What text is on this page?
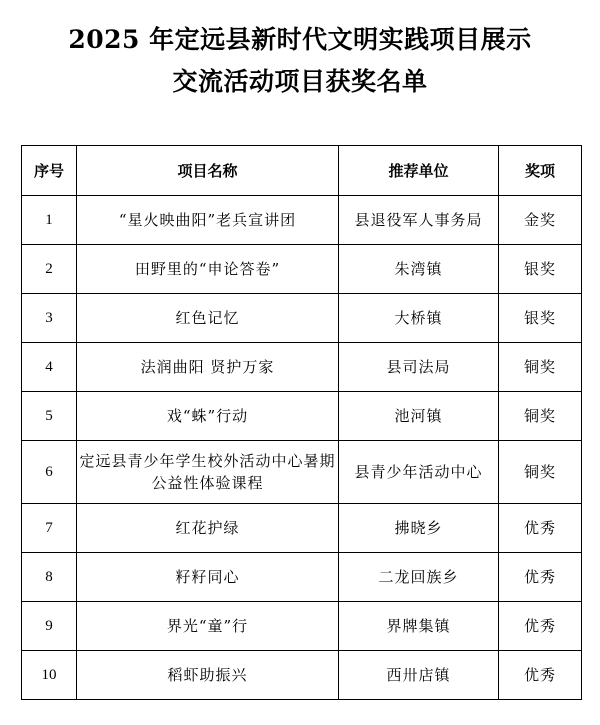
2025 年定远县新时代文明实践项目展示
交流活动项目获奖名单
序号	项目名称	推荐单位	奖项
1	“星火映曲阳”老兵宣讲团	县退役军人事务局	金奖
2	田野里的“申论答卷”	朱湾镇	银奖
3	红色记忆	大桥镇	银奖
4	法润曲阳 贤护万家	县司法局	铜奖
5	戏“蛛”行动	池河镇	铜奖
6	定远县青少年学生校外活动中心暑期公益性体验课程	县青少年活动中心	铜奖
7	红花护绿	拂晓乡	优秀
8	籽籽同心	二龙回族乡	优秀
9	界光“童”行	界牌集镇	优秀
10	稻虾助振兴	西卅店镇	优秀
